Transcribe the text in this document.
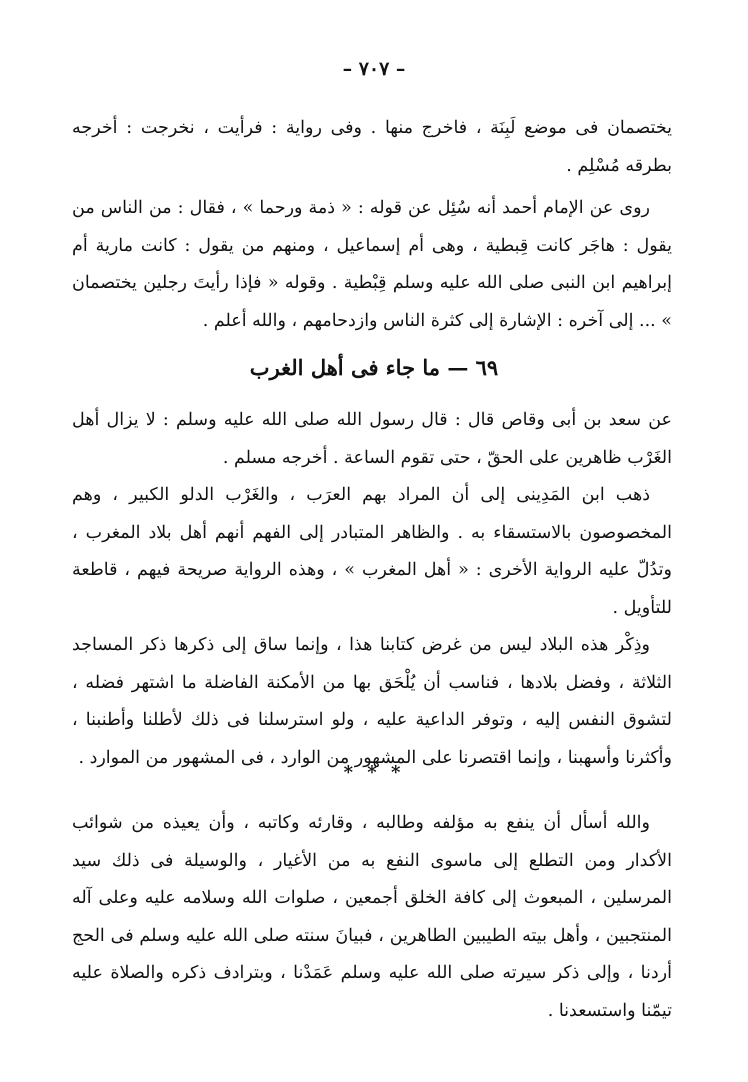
– ٧٠٧ –

يختصمان فى موضع لَبِنَة ، فاخرج منها . وفى رواية : فرأيت ، نخرجت : أخرجه بطرقه مُسْلِم .

روى عن الإمام أحمد أنه سُئِل عن قوله : « ذمة ورحما » ، فقال : من الناس من يقول : هاجَر كانت قِبطية ، وهى أم إسماعيل ، ومنهم من يقول : كانت مارية أم إبراهيم ابن النبى صلى الله عليه وسلم قِبْطية . وقوله « فإذا رأيتَ رجلين يختصمان » ... إلى آخره : الإشارة إلى كثرة الناس وازدحامهم ، والله أعلم .

٦٩ — ما جاء فى أهل الغرب

عن سعد بن أبى وقاص قال : قال رسول الله صلى الله عليه وسلم : لا يزال أهل الغَرْب ظاهرين على الحقّ ، حتى تقوم الساعة . أخرجه مسلم .

ذهب ابن المَدِينى إلى أن المراد بهم العرَب ، والغَرْب الدلو الكبير ، وهم المخصوصون بالاستسقاء به . والظاهر المتبادر إلى الفهم أنهم أهل بلاد المغرب ، وتدُلّ عليه الرواية الأخرى : « أهل المغرب » ، وهذه الرواية صريحة فيهم ، قاطعة للتأويل .

وذِكْر هذه البلاد ليس من غرض كتابنا هذا ، وإنما ساق إلى ذكرها ذكر المساجد الثلاثة ، وفضل بلادها ، فناسب أن يُلْحَق بها من الأمكنة الفاضلة ما اشتهر فضله ، لتشوق النفس إليه ، وتوفر الداعية عليه ، ولو استرسلنا فى ذلك لأطلنا وأطنبنا ، وأكثرنا وأسهبنا ، وإنما اقتصرنا على المشهور من الوارد ، فى المشهور من الموارد .

* * *

والله أسأل أن ينفع به مؤلفه وطالبه ، وقارئه وكاتبه ، وأن يعيذه من شوائب الأكدار ومن التطلع إلى ماسوى النفع به من الأغيار ، والوسيلة فى ذلك سيد المرسلين ، المبعوث إلى كافة الخلق أجمعين ، صلوات الله وسلامه عليه وعلى آله المنتجبين ، وأهل بيته الطيبين الطاهرين ، فبيانَ سنته صلى الله عليه وسلم فى الحج أردنا ، وإلى ذكر سيرته صلى الله عليه وسلم عَمَدْنا ، وبترادف ذكره والصلاة عليه تيمّنا واستسعدنا .
